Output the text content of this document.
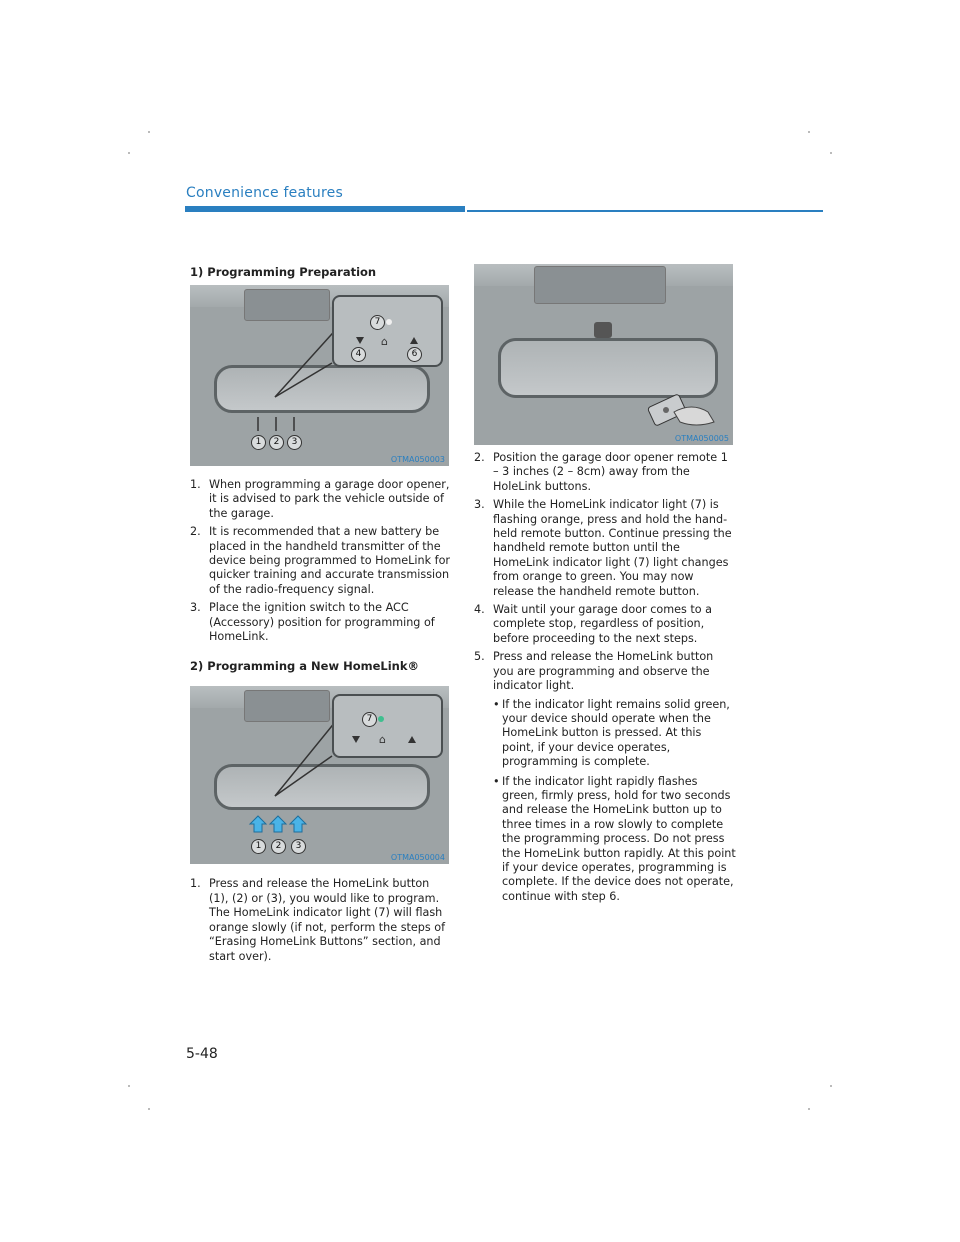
Convenience features

1) Programming Preparation

7
⌂
4	6
1	2	3
OTMA050003
1. When programming a garage door opener, it is advised to park the vehicle outside of the garage.
2. It is recommended that a new battery be placed in the handheld transmitter of the device being programmed to HomeLink for quicker training and accurate transmission of the radio-frequency signal.
3. Place the ignition switch to the ACC (Accessory) position for programming of HomeLink.

2) Programming a New HomeLink®

7
⌂
1	2	3
OTMA050004
1. Press and release the HomeLink button (1), (2) or (3), you would like to program. The HomeLink indicator light (7) will flash orange slowly (if not, perform the steps of “Erasing HomeLink Buttons” section, and start over).
OTMA050005
2. Position the garage door opener remote 1 – 3 inches (2 – 8cm) away from the HoleLink buttons.
3. While the HomeLink indicator light (7) is flashing orange, press and hold the hand-held remote button. Continue pressing the handheld remote button until the HomeLink indicator light (7) light changes from orange to green. You may now release the handheld remote button.
4. Wait until your garage door comes to a complete stop, regardless of position, before proceeding to the next steps.
5. Press and release the HomeLink button you are programming and observe the indicator light.
• If the indicator light remains solid green, your device should operate when the HomeLink button is pressed. At this point, if your device operates, programming is complete.
• If the indicator light rapidly flashes green, firmly press, hold for two seconds and release the HomeLink button up to three times in a row slowly to complete the programming process. Do not press the HomeLink button rapidly. At this point if your device operates, programming is complete. If the device does not operate, continue with step 6.
5-48
